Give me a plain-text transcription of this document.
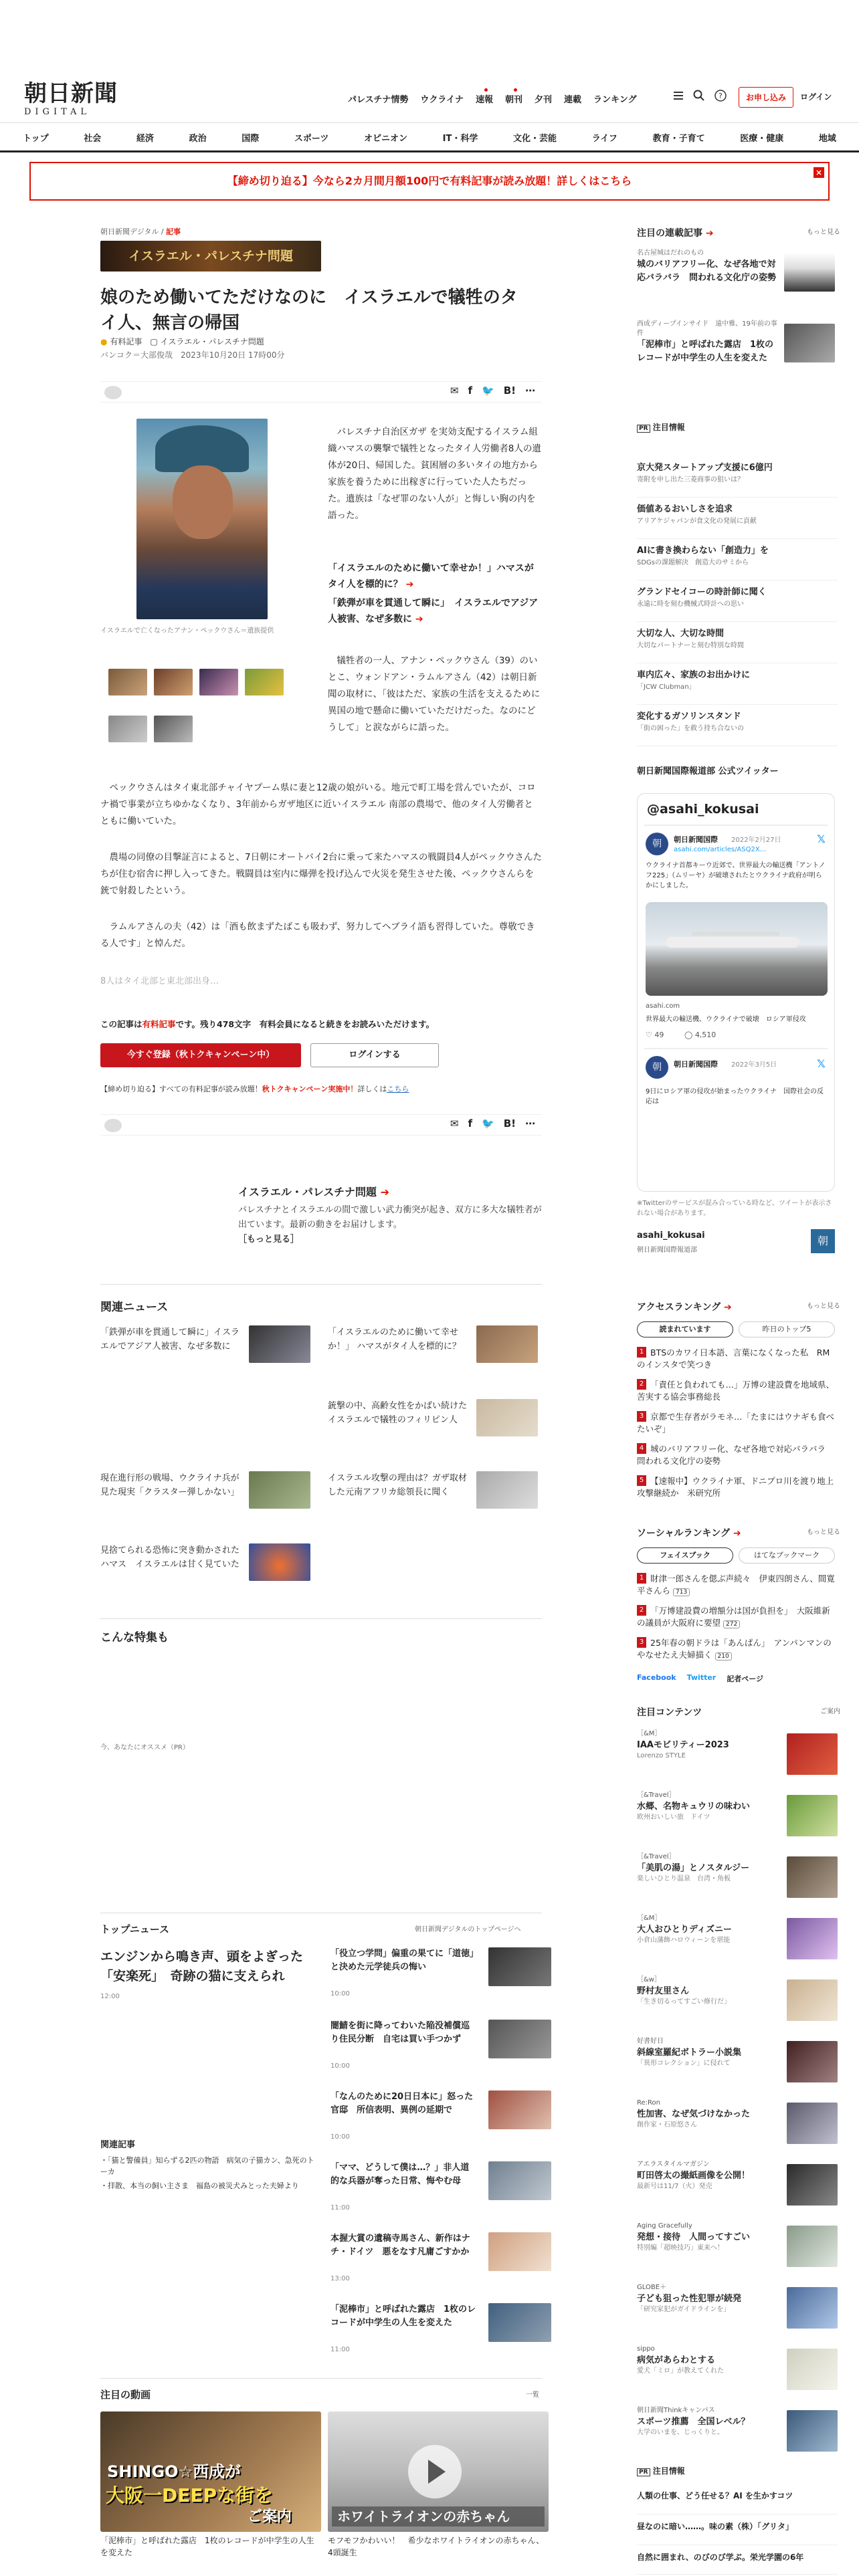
朝日新聞
DIGITAL
パレスチナ情勢 ウクライナ 速報 朝刊 夕刊 連載 ランキング	?	お申し込み	ログイン
トップ	社会	経済	政治	国際	スポーツ	オピニオン	IT・科学	文化・芸能	ライフ	教育・子育て	医療・健康	地域
【締め切り迫る】今なら2カ月間月額100円で有料記事が読み放題！詳しくはこちら
×
朝日新聞デジタル / 記事
イスラエル・パレスチナ問題
娘のため働いてただけなのに　イスラエルで犠牲のタイ人、無言の帰国
● 有料記事　 ▢ イスラエル・パレスチナ問題
バンコク＝大部俊哉　 2023年10月20日 17時00分
✉ f 🐦 B! ⋯
イスラエルで亡くなったアナン・ペックウさん＝遺族提供

　パレスチナ自治区ガザ を実効支配するイスラム組織ハマスの襲撃で犠牲となったタイ人労働者8人の遺体が20日、帰国した。貧困層の多いタイの地方から家族を養うために出稼ぎに行っていた人たちだった。遺族は「なぜ罪のない人が」と悔しい胸の内を語った。

「イスラエルのために働いて幸せか！」ハマスがタイ人を標的に？ ➔
「鉄弾が車を貫通して瞬に」　イスラエルでアジア人被害、なぜ多数に ➔

　犠牲者の一人、アナン・ペックウさん（39）のいとこ、ウォンドアン・ラムルアさん（42）は朝日新聞の取材に、「彼はただ、家族の生活を支えるために異国の地で懸命に働いていただけだった。なのにどうして」と涙ながらに語った。

　ペックウさんはタイ東北部チャイヤプーム県に妻と12歳の娘がいる。地元で町工場を営んでいたが、コロナ禍で事業が立ちゆかなくなり、3年前からガザ地区に近いイスラエル 南部の農場で、他のタイ人労働者とともに働いていた。

　農場の同僚の目撃証言によると、7日朝にオートバイ2台に乗って来たハマスの戦闘員4人がペックウさんたちが住む宿舎に押し入ってきた。戦闘員は室内に爆弾を投げ込んで火災を発生させた後、ペックウさんらを銃で射殺したという。

　ラムルアさんの夫（42）は「酒も飲まずたばこも吸わず、努力してヘブライ語も習得していた。尊敬できる人です」と悼んだ。

8人はタイ北部と東北部出身…
この記事は有料記事です。残り478文字　有料会員になると続きをお読みいただけます。
今すぐ登録（秋トクキャンペーン中）	ログインする
【締め切り迫る】すべての有料記事が読み放題！秋トクキャンペーン実施中！詳しくはこちら
✉ f 🐦 B! ⋯
イスラエル・パレスチナ問題 ➔
パレスチナとイスラエルの間で激しい武力衝突が起き、双方に多大な犠牲者が出ています。最新の動きをお届けします。
［もっと見る］
関連ニュース
「鉄弾が車を貫通して瞬に」イスラエルでアジア人被害、なぜ多数に
「イスラエルのために働いて幸せか！」 ハマスがタイ人を標的に？
銃撃の中、高齢女性をかばい続けた　イスラエルで犠牲のフィリピン人
現在進行形の戦場、ウクライナ兵が見た現実「クラスター弾しかない」
イスラエル攻撃の理由は？ガザ取材した元南アフリカ総領長に聞く
見捨てられる恐怖に突き動かされたハマス　イスラエルは甘く見ていた
こんな特集も
今、あなたにオススメ（PR）
トップニュース	朝日新聞デジタルのトップページへ
エンジンから鳴き声、頭をよぎった「安楽死」　奇跡の猫に支えられ
12:00
関連記事
・「猫と警備員」知らずる2匹の物語　病気の子猫カン、急死のトーカ
・拝散、本当の飼い主さま　福島の被災犬みとった夫婦より
「役立つ学問」偏重の果てに「道徳」と決めた元学徒兵の悔い
10:00
闇鯖を街に降ってわいた陥没補償巡り住民分断　自宅は買い手つかず
10:00
「なんのために20日日本に」怒った官邸　所信表明、異例の延期で
10:00
「ママ、どうして僕は…？」非人道的な兵器が奪った日常、悔やむ母
11:00
本握大賞の遺稿寺馬さん、新作はナチ・ドイツ　悪をなす凡庸ごすかか
13:00
「泥棒市」と呼ばれた露店　1枚のレコードが中学生の人生を変えた
11:00
注目の動画	一覧
SHINGO☆西成が
大阪一DEEPな街を
ご案内	ホワイトライオンの赤ちゃん
「泥棒市」と呼ばれた露店　1枚のレコードが中学生の人生を変えた
モフモフかわいい！　希少なホワイトライオンの赤ちゃん、4頭誕生
注目の連載記事 ➔	もっと見る
名古屋城はだれのもの
城のバリアフリー化、なぜ各地で対応バラバラ　問われる文化庁の姿勢
西成ディープインサイド　遠中雅、19年前の事件
「泥棒市」と呼ばれた露店　1枚のレコードが中学生の人生を変えた
PR 注目情報
京大発スタートアップ支援に6億円
寄附を申し出た三菱商事の狙いは？
価値あるおいしさを追求
アリアケジャパンが食文化の発展に貢献
AIに書き換わらない「創造力」を
SDGsの課題解決　創造大のサミから
グランドセイコーの時計師に聞く
永遠に時を刻む機械式時計への思い
大切な人、大切な時間
大切なパートナーと刻む特別な時間
車内広々、家族のお出かけに
「JCW Clubman」
変化するガソリンスタンド
「街の困った」を救う持ち合ないの
朝日新聞国際報道部 公式ツイッター
@asahi_kokusai
朝	朝日新聞国際 2022年2月27日	𝕏
asahi.com/articles/ASQ2X...
ウクライナ首都キーウ近郊で、世界最大の輸送機「アントノフ225」（ムリーヤ）が破壊されたとウクライナ政府が明らかにしました。
asahi.com
世界最大の輸送機、ウクライナで破壊　ロシア軍侵攻
♡ 49	◯ 4,510
朝	朝日新聞国際 2022年3月5日	𝕏
9日にロシア軍の侵攻が始まったウクライナ　国際社会の反応は
※Twitterのサービスが混み合っている時など、ツイートが表示されない場合があります。
asahi_kokusai
朝日新聞国際報道部
朝
アクセスランキング ➔	もっと見る
読まれています	昨日のトップ5
1 BTSのカワイ日本語、言葉になくなった私　RMのインスタで笑つき
2 「責任と負われても…」万博の建設費を地域県、苦実する協会事務総長
3 京都で生存者がラモネ…「たまにはウナギも食べたいぞ」
4 城のバリアフリー化、なぜ各地で対応バラバラ　問われる文化庁の姿勢
5 【速報中】ウクライナ軍、ドニプロ川を渡り地上攻撃継続か　米研究所
ソーシャルランキング ➔	もっと見る
フェイスブック	はてなブックマーク
1 財津一郎さんを偲ぶ声続々　伊東四朗さん、間寛平さんら 713
2 「万博建設費の増額分は国が負担を」　大阪維新の議員が大阪府に要望 272
3 25年春の朝ドラは「あんぱん」　アンパンマンのやなせたえ夫婦描く 210
Facebook Twitter 記者ページ
注目コンテンツ	ご案内
［&M］
IAAモビリティー2023
Lorenzo STYLE
［&Travel］
水郷、名物キュウリの味わい
欧州おいしい旅　ドイツ
［&Travel］
「美肌の湯」とノスタルジー
楽しいひとり温泉　台湾・角板
［&M］
大人おひとりディズニー
小倉山藩飾ハロウィーンを堪能
［&w］
野村友里さん
「生き切るってすごい修行だ」
好書好日
斜線室羅紀ボトラー小説集
「異形コレクション」に侵れて
Re:Ron
性加害、なぜ気づけなかった
創作家・石原悠さん
アエラスタイルマガジン
町田啓太の撮紙画像を公開！
最新号は11/7（火）発売
Aging Gracefully
発想・接待　人間ってすごい
特別編「超映技巧」東来へ！
GLOBE＋
子ども狙った性犯罪が続発
「研究家犯がガイドラインを」
sippo
病気があらわとする
愛犬「ミロ」が教えてくれた
朝日新聞Thinkキャンパス
スポーツ推薦　全国レベル？
大学のいまを、じっくりと。
PR 注目情報
人類の仕事、どう任せる？AI を生かすコツ
昼なのに暗い……。味の素（株）「グリタ」
自然に囲まれ、のびのび学ぶ。栄光学園の6年
